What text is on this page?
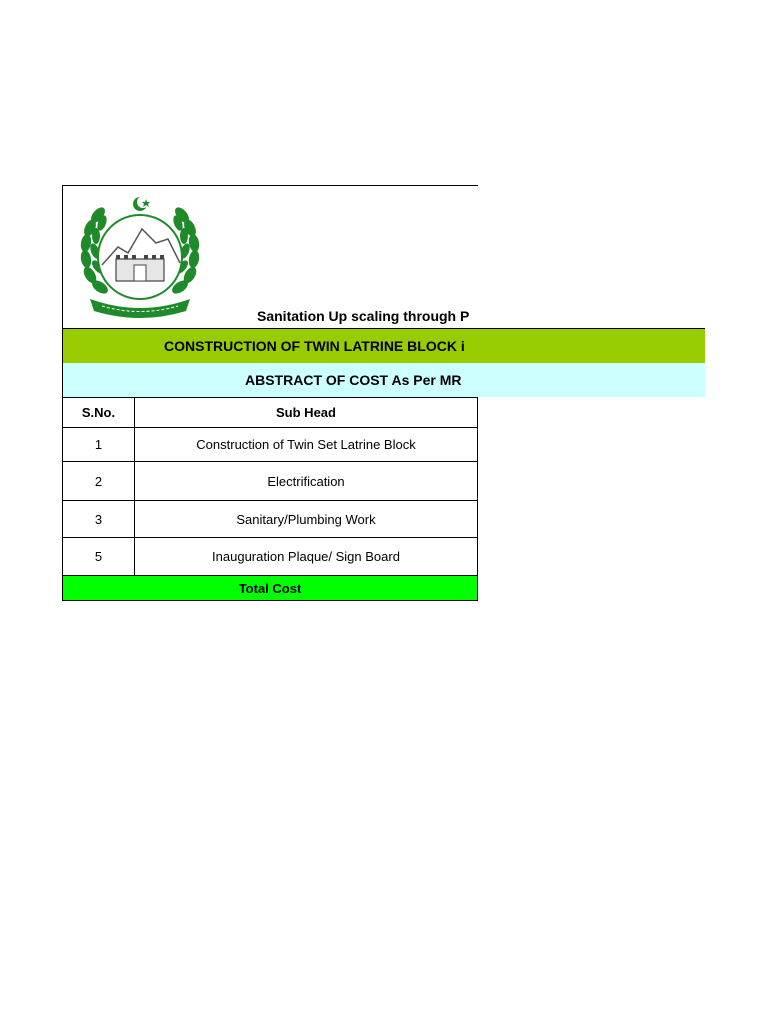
Sanitation Up scaling through P
CONSTRUCTION OF TWIN LATRINE BLOCK i
ABSTRACT OF COST As Per MR
S.No.	Sub Head
1	Construction of Twin Set Latrine Block
2	Electrification
3	Sanitary/Plumbing Work
5	Inauguration Plaque/ Sign Board
Total Cost	
